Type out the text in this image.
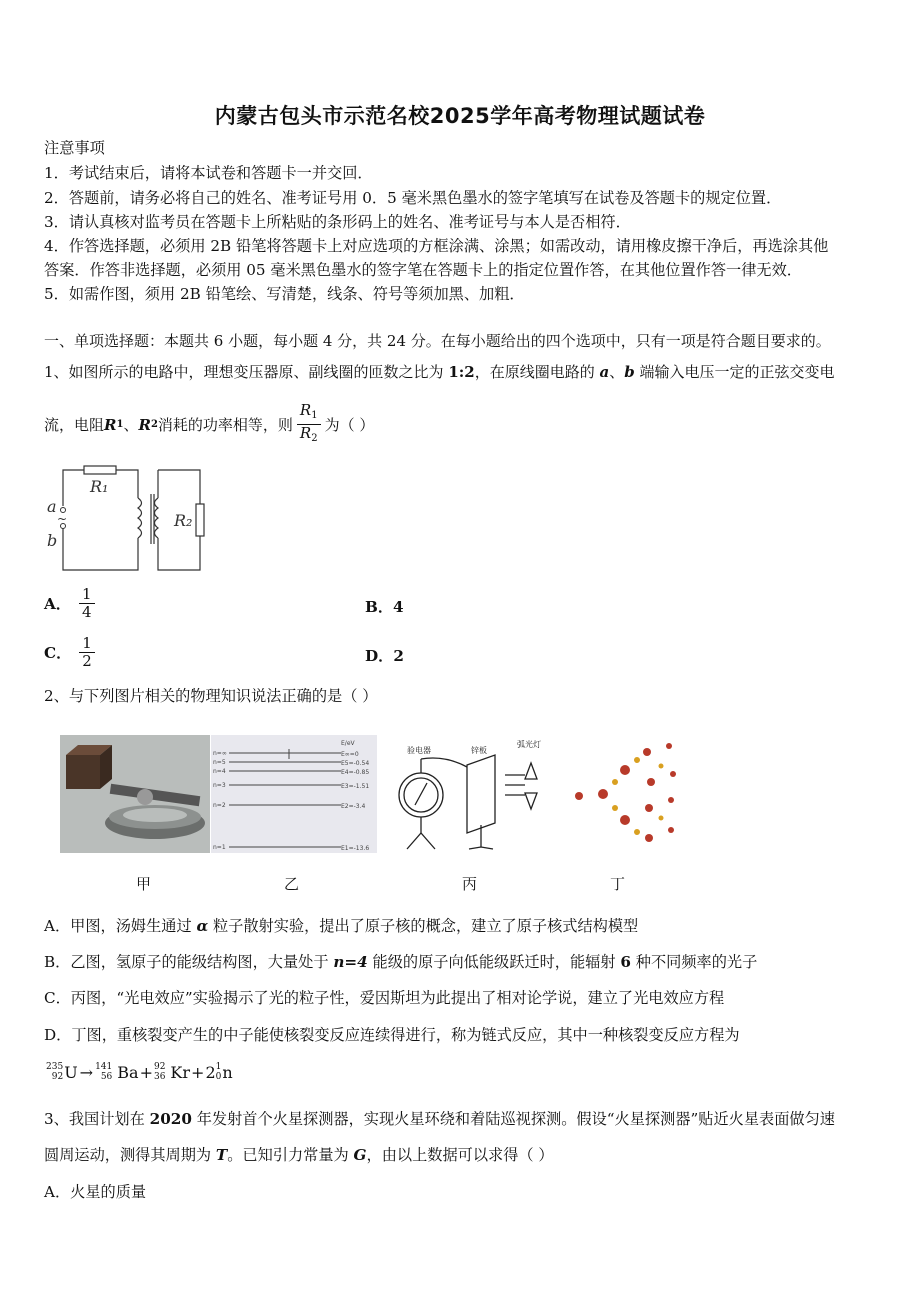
内蒙古包头市示范名校2025学年高考物理试题试卷
注意事项
1．考试结束后，请将本试卷和答题卡一并交回．
2．答题前，请务必将自己的姓名、准考证号用 0．5 毫米黑色墨水的签字笔填写在试卷及答题卡的规定位置．
3．请认真核对监考员在答题卡上所粘贴的条形码上的姓名、准考证号与本人是否相符．
4．作答选择题，必须用 2B 铅笔将答题卡上对应选项的方框涂满、涂黑；如需改动，请用橡皮擦干净后，再选涂其他
答案．作答非选择题，必须用 05 毫米黑色墨水的签字笔在答题卡上的指定位置作答，在其他位置作答一律无效．
5．如需作图，须用 2B 铅笔绘、写清楚，线条、符号等须加黑、加粗．
一、单项选择题：本题共 6 小题，每小题 4 分，共 24 分。在每小题给出的四个选项中，只有一项是符合题目要求的。
1、如图所示的电路中，理想变压器原、副线圈的匝数之比为 1:2，在原线圈电路的 a、b 端输入电压一定的正弦交变电
流，电阻 R 1 、 R 2 消耗的功率相等，则 $\frac{R_1}{R_2}$ 为（ ）
R₁
R₂
a
b
~
A． $\frac{1}{4}$	B．4
C． $\frac{1}{2}$	D．2
2、与下列图片相关的物理知识说法正确的是（ ）
n=∞
n=5
n=4
n=3
n=2
n=1
E/eV
E∞=0
E5=-0.54
E4=-0.85
E3=-1.51
E2=-3.4
E1=-13.6
验电器	锌板
弧光灯
甲	乙	丙	丁
A．甲图，汤姆生通过 α 粒子散射实验，提出了原子核的概念，建立了原子核式结构模型
B．乙图，氢原子的能级结构图，大量处于 n=4 能级的原子向低能级跃迁时，能辐射 6 种不同频率的光子
C．丙图，“光电效应”实验揭示了光的粒子性，爱因斯坦为此提出了相对论学说，建立了光电效应方程
D．丁图，重核裂变产生的中子能使核裂变反应连续得进行，称为链式反应，其中一种核裂变反应方程为
235
92 U → 141
56 Ba + 92
36 Kr + 2 1
0 n
3、我国计划在 2020 年发射首个火星探测器，实现火星环绕和着陆巡视探测。假设“火星探测器”贴近火星表面做匀速
圆周运动，测得其周期为 T。已知引力常量为 G，由以上数据可以求得（ ）
A．火星的质量
